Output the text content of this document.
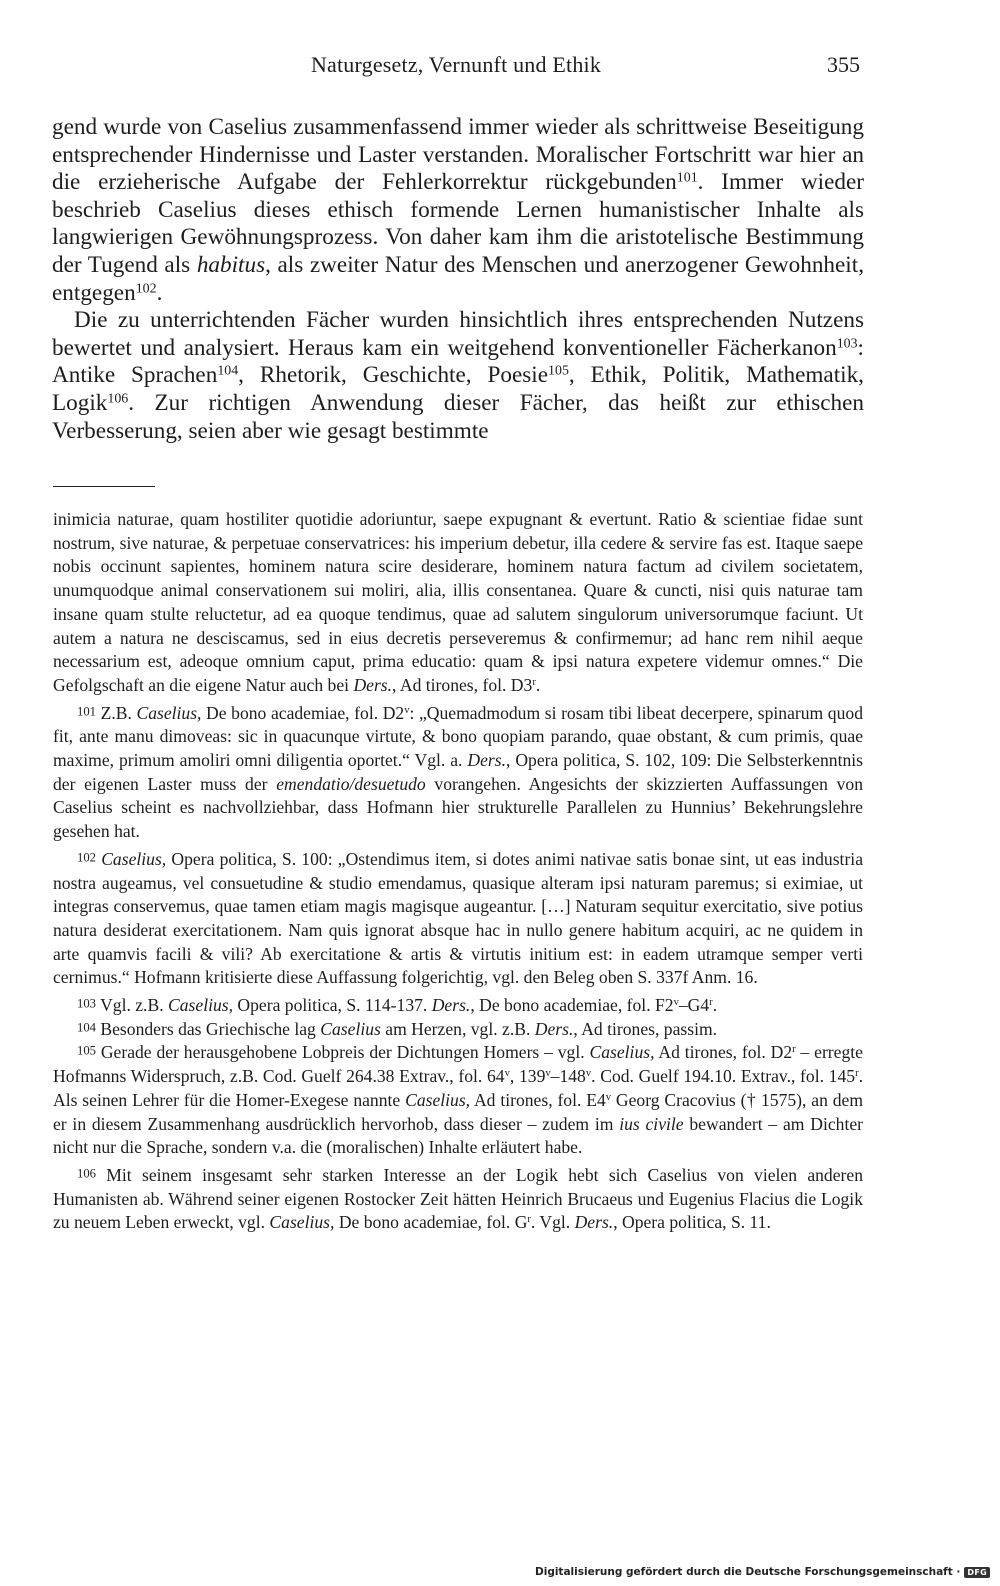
Naturgesetz, Vernunft und Ethik	355

gend wurde von Caselius zusammenfassend immer wieder als schrittweise Beseitigung entsprechender Hindernisse und Laster verstanden. Moralischer Fortschritt war hier an die erzieherische Aufgabe der Fehlerkorrektur rückgebunden$^{101}$. Immer wieder beschrieb Caselius dieses ethisch formende Lernen humanistischer Inhalte als langwierigen Gewöhnungsprozess. Von daher kam ihm die aristotelische Bestimmung der Tugend als habitus, als zweiter Natur des Menschen und anerzogener Gewohnheit, entgegen$^{102}$.

Die zu unterrichtenden Fächer wurden hinsichtlich ihres entsprechenden Nutzens bewertet und analysiert. Heraus kam ein weitgehend konventioneller Fächerkanon$^{103}$: Antike Sprachen$^{104}$, Rhetorik, Geschichte, Poesie$^{105}$, Ethik, Politik, Mathematik, Logik$^{106}$. Zur richtigen Anwendung dieser Fächer, das heißt zur ethischen Verbesserung, seien aber wie gesagt bestimmte

inimicia naturae, quam hostiliter quotidie adoriuntur, saepe expugnant & evertunt. Ratio & scientiae fidae sunt nostrum, sive naturae, & perpetuae conservatrices: his imperium debetur, illa cedere & servire fas est. Itaque saepe nobis occinunt sapientes, hominem natura scire desiderare, hominem natura factum ad civilem societatem, unumquodque animal conservationem sui moliri, alia, illis consentanea. Quare & cuncti, nisi quis naturae tam insane quam stulte reluctetur, ad ea quoque tendimus, quae ad salutem singulorum universorumque faciunt. Ut autem a natura ne desciscamus, sed in eius decretis perseveremus & confirmemur; ad hanc rem nihil aeque necessarium est, adeoque omnium caput, prima educatio: quam & ipsi natura expetere videmur omnes.“ Die Gefolgschaft an die eigene Natur auch bei Ders., Ad tirones, fol. D3$^r$.

$^{101}$ Z.B. Caselius, De bono academiae, fol. D2$^v$: „Quemadmodum si rosam tibi libeat decerpere, spinarum quod fit, ante manu dimoveas: sic in quacunque virtute, & bono quopiam parando, quae obstant, & cum primis, quae maxime, primum amoliri omni diligentia oportet.“ Vgl. a. Ders., Opera politica, S. 102, 109: Die Selbsterkenntnis der eigenen Laster muss der emendatio/desuetudo vorangehen. Angesichts der skizzierten Auffassungen von Caselius scheint es nachvollziehbar, dass Hofmann hier strukturelle Parallelen zu Hunnius’ Bekehrungslehre gesehen hat.

$^{102}$ Caselius, Opera politica, S. 100: „Ostendimus item, si dotes animi nativae satis bonae sint, ut eas industria nostra augeamus, vel consuetudine & studio emendamus, quasique alteram ipsi naturam paremus; si eximiae, ut integras conservemus, quae tamen etiam magis magisque augeantur. […] Naturam sequitur exercitatio, sive potius natura desiderat exercitationem. Nam quis ignorat absque hac in nullo genere habitum acquiri, ac ne quidem in arte quamvis facili & vili? Ab exercitatione & artis & virtutis initium est: in eadem utramque semper verti cernimus.“ Hofmann kritisierte diese Auffassung folgerichtig, vgl. den Beleg oben S. 337f Anm. 16.

$^{103}$ Vgl. z.B. Caselius, Opera politica, S. 114-137. Ders., De bono academiae, fol. F2$^v$–G4$^r$.

$^{104}$ Besonders das Griechische lag Caselius am Herzen, vgl. z.B. Ders., Ad tirones, passim.

$^{105}$ Gerade der herausgehobene Lobpreis der Dichtungen Homers – vgl. Caselius, Ad tirones, fol. D2$^r$ – erregte Hofmanns Widerspruch, z.B. Cod. Guelf 264.38 Extrav., fol. 64$^v$, 139$^v$–148$^v$. Cod. Guelf 194.10. Extrav., fol. 145$^r$. Als seinen Lehrer für die Homer-Exegese nannte Caselius, Ad tirones, fol. E4$^v$ Georg Cracovius († 1575), an dem er in diesem Zusammenhang ausdrücklich hervorhob, dass dieser – zudem im ius civile bewandert – am Dichter nicht nur die Sprache, sondern v.a. die (moralischen) Inhalte erläutert habe.

$^{106}$ Mit seinem insgesamt sehr starken Interesse an der Logik hebt sich Caselius von vielen anderen Humanisten ab. Während seiner eigenen Rostocker Zeit hätten Heinrich Brucaeus und Eugenius Flacius die Logik zu neuem Leben erweckt, vgl. Caselius, De bono academiae, fol. $G^r$. Vgl. Ders., Opera politica, S. 11.

Digitalisierung gefördert durch die Deutsche Forschungsgemeinschaft · DFG
